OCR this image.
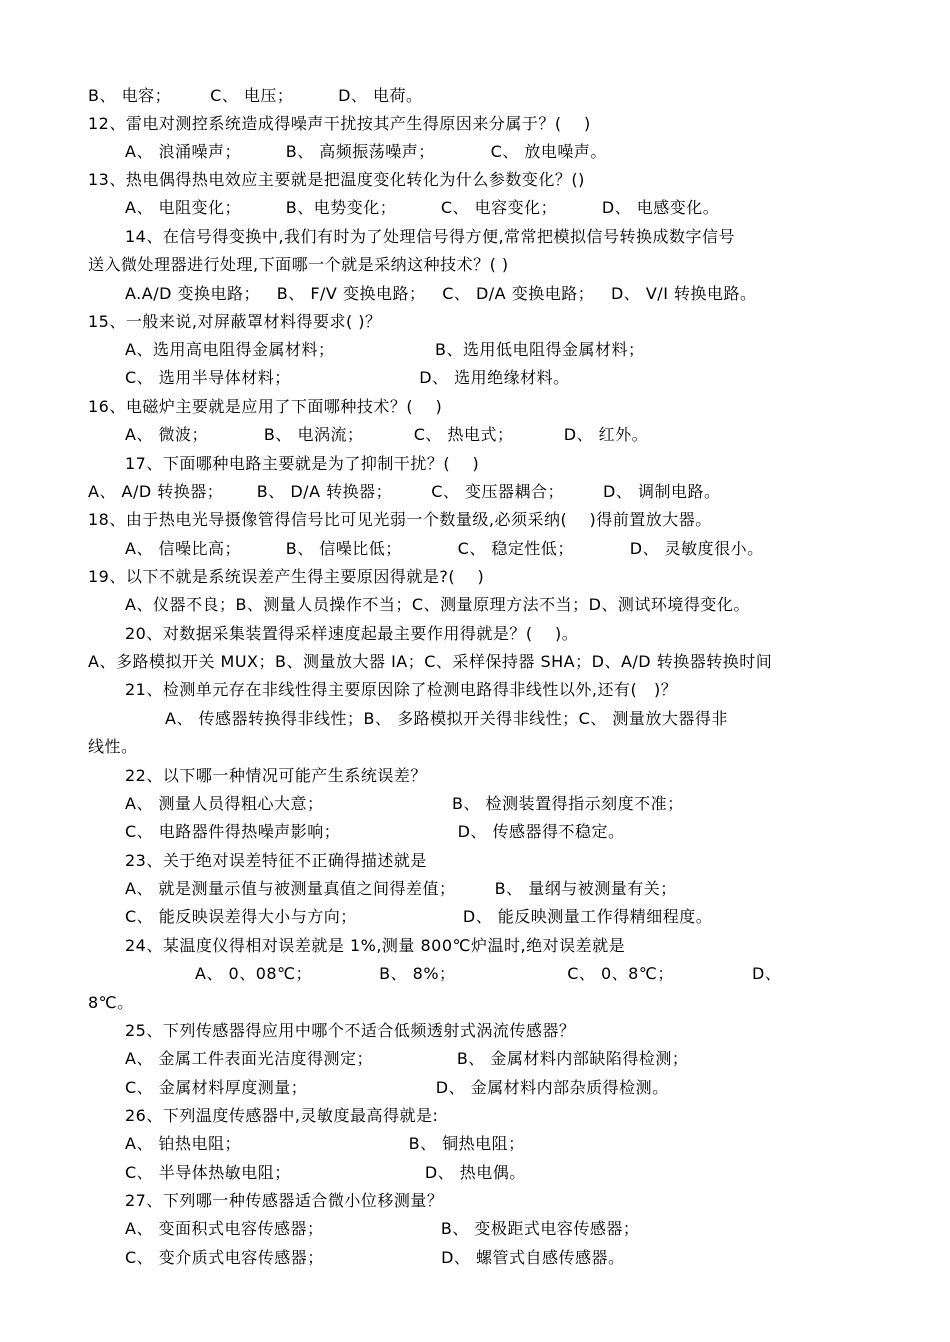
B、 电容；       C、 电压；        D、 电荷。
12、雷电对测控系统造成得噪声干扰按其产生得原因来分属于？(    )
A、 浪涌噪声；        B、 高频振荡噪声；          C、 放电噪声。
13、热电偶得热电效应主要就是把温度变化转化为什么参数变化？()
A、 电阻变化；        B、电势变化；        C、 电容变化；        D、 电感变化。
14、在信号得变换中,我们有时为了处理信号得方便,常常把模拟信号转换成数字信号
送入微处理器进行处理,下面哪一个就是采纳这种技术？( )
A.A/D 变换电路；   B、 F/V 变换电路；   C、 D/A 变换电路；   D、 V/I 转换电路。
15、一般来说,对屏蔽罩材料得要求( )？
A、选用高电阻得金属材料；                  B、选用低电阻得金属材料；
C、 选用半导体材料；                       D、 选用绝缘材料。
16、电磁炉主要就是应用了下面哪种技术？(    )
A、 微波；          B、 电涡流；         C、 热电式；         D、 红外。
17、下面哪种电路主要就是为了抑制干扰？(    )
A、 A/D 转换器；      B、 D/A 转换器；       C、 变压器耦合；       D、 调制电路。
18、由于热电光导摄像管得信号比可见光弱一个数量级,必须采纳(    )得前置放大器。
A、 信噪比高；        B、 信噪比低；          C、 稳定性低；          D、 灵敏度很小。
19、以下不就是系统误差产生得主要原因得就是?(    )
A、仪器不良；B、测量人员操作不当；C、测量原理方法不当；D、测试环境得变化。
20、对数据采集装置得采样速度起最主要作用得就是？(    )。
A、多路模拟开关 MUX；B、测量放大器 IA；C、采样保持器 SHA；D、A/D 转换器转换时间
21、检测单元存在非线性得主要原因除了检测电路得非线性以外,还有(   )？
A、 传感器转换得非线性；B、 多路模拟开关得非线性；C、 测量放大器得非
线性。
22、以下哪一种情况可能产生系统误差？
A、 测量人员得粗心大意；                       B、 检测装置得指示刻度不准；
C、 电路器件得热噪声影响；                     D、 传感器得不稳定。
23、关于绝对误差特征不正确得描述就是
A、 就是测量示值与被测量真值之间得差值；       B、 量纲与被测量有关；
C、 能反映误差得大小与方向；                   D、 能反映测量工作得精细程度。
24、某温度仪得相对误差就是 1%,测量 800℃炉温时,绝对误差就是
A、 0、08℃；            B、 8%；                    C、 0、8℃；              D、
8℃。
25、下列传感器得应用中哪个不适合低频透射式涡流传感器？
A、 金属工件表面光洁度得测定；               B、 金属材料内部缺陷得检测；
C、 金属材料厚度测量；                       D、 金属材料内部杂质得检测。
26、下列温度传感器中,灵敏度最高得就是:
A、 铂热电阻；                              B、 铜热电阻；
C、 半导体热敏电阻；                        D、 热电偶。
27、下列哪一种传感器适合微小位移测量？
A、 变面积式电容传感器；                     B、 变极距式电容传感器；
C、 变介质式电容传感器；                     D、 螺管式自感传感器。
